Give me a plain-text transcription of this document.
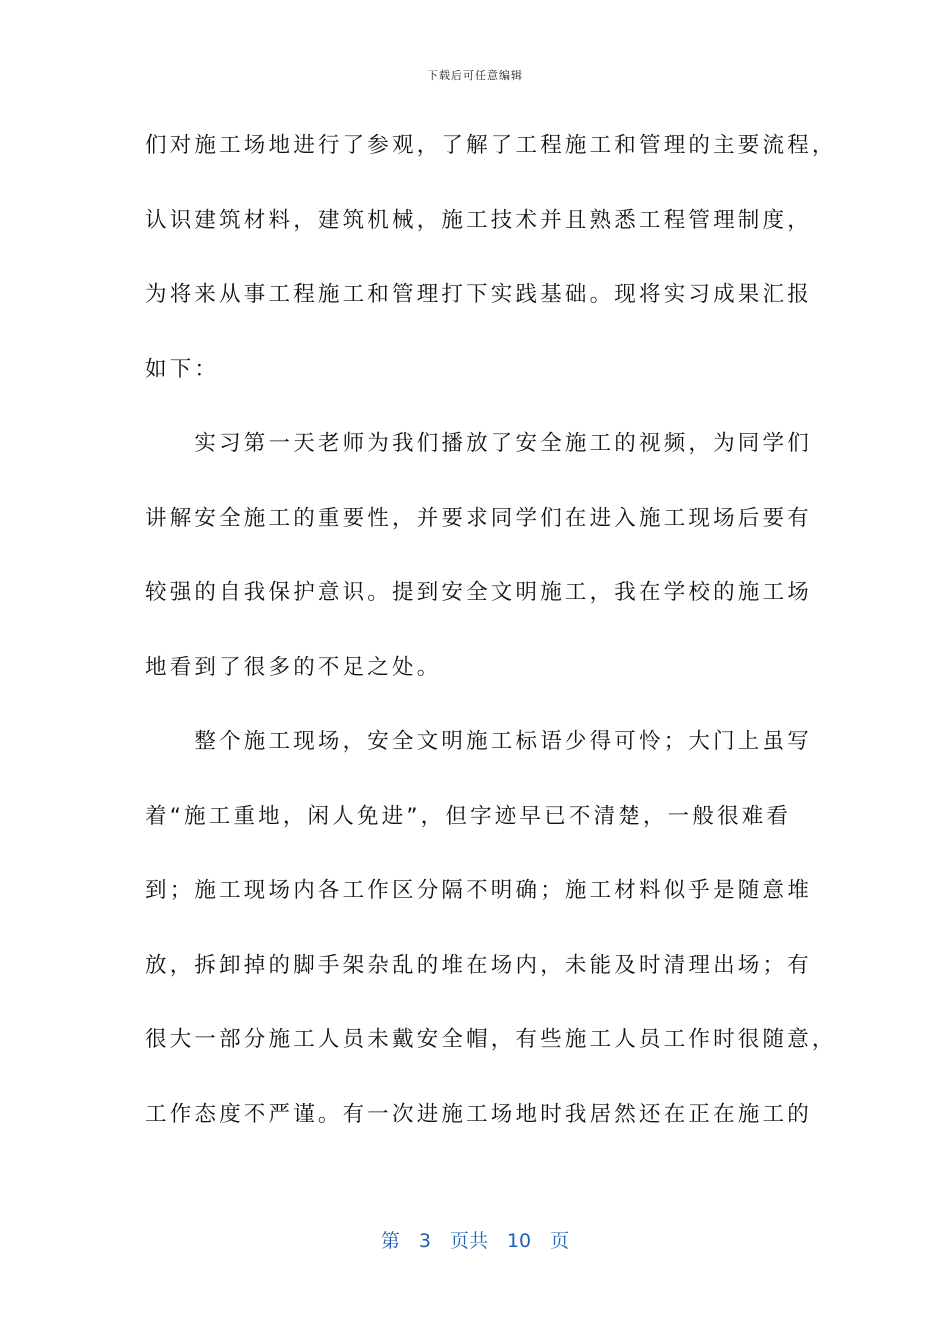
下载后可任意编辑
们对施工场地进行了参观，了解了工程施工和管理的主要流程，
认识建筑材料，建筑机械，施工技术并且熟悉工程管理制度，
为将来从事工程施工和管理打下实践基础。现将实习成果汇报
如下：
　　实习第一天老师为我们播放了安全施工的视频，为同学们
讲解安全施工的重要性，并要求同学们在进入施工现场后要有
较强的自我保护意识。提到安全文明施工，我在学校的施工场
地看到了很多的不足之处。
　　整个施工现场，安全文明施工标语少得可怜；大门上虽写
着“施工重地，闲人免进”，但字迹早已不清楚，一般很难看
到；施工现场内各工作区分隔不明确；施工材料似乎是随意堆
放，拆卸掉的脚手架杂乱的堆在场内，未能及时清理出场；有
很大一部分施工人员未戴安全帽，有些施工人员工作时很随意，
工作态度不严谨。有一次进施工场地时我居然还在正在施工的
第　3　页共　10　页
